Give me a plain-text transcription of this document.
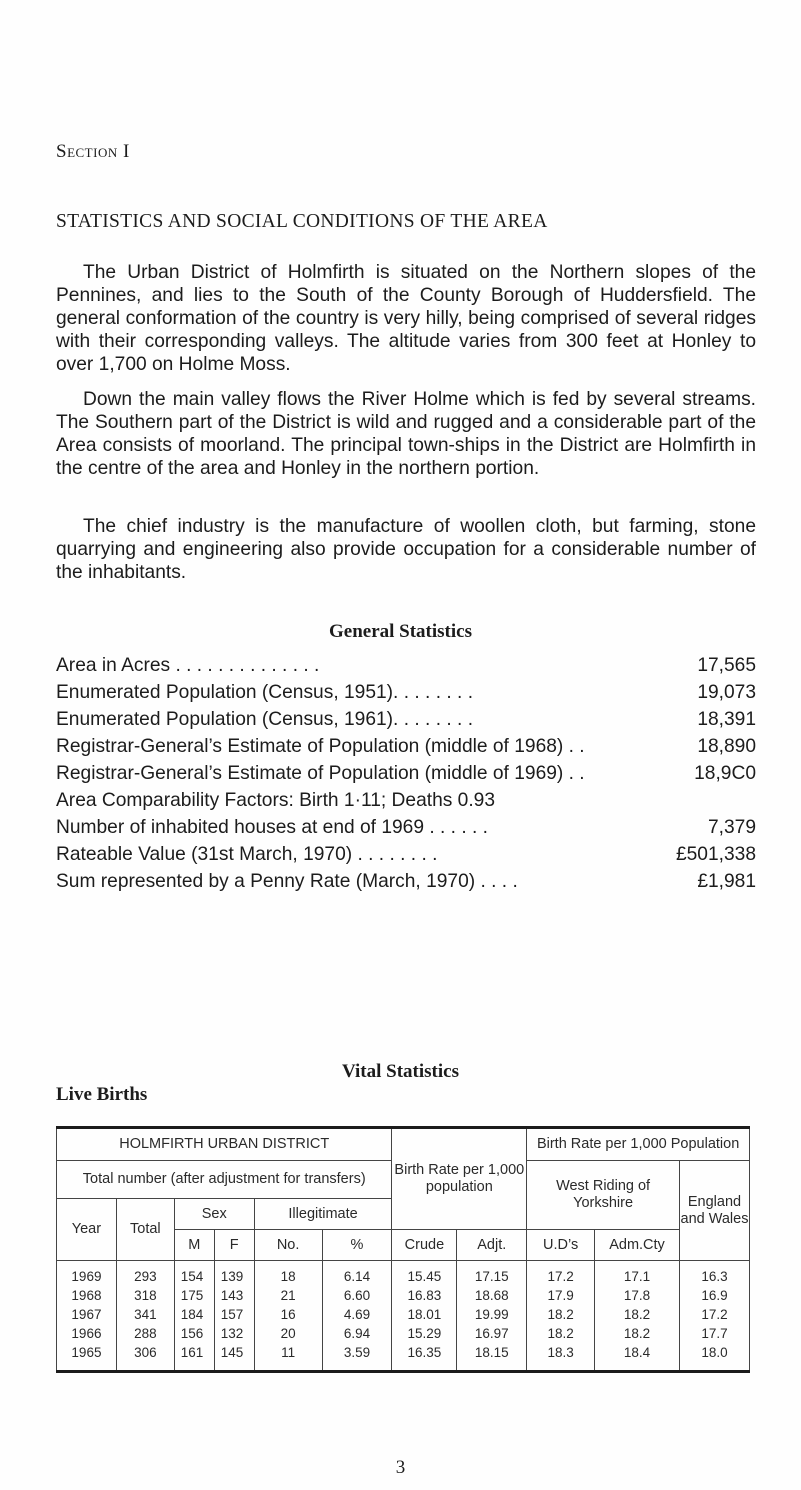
Section I
STATISTICS AND SOCIAL CONDITIONS OF THE AREA

The Urban District of Holmfirth is situated on the Northern slopes of the Pennines, and lies to the South of the County Borough of Huddersfield. The general conformation of the country is very hilly, being comprised of several ridges with their corresponding valleys. The altitude varies from 300 feet at Honley to over 1,700 on Holme Moss.

Down the main valley flows the River Holme which is fed by several streams. The Southern part of the District is wild and rugged and a considerable part of the Area consists of moorland. The principal town-ships in the District are Holmfirth in the centre of the area and Honley in the northern portion.

The chief industry is the manufacture of woollen cloth, but farming, stone quarrying and engineering also provide occupation for a considerable number of the inhabitants.

General Statistics
Area in Acres . . . . . . . . . . . . . .	17,565
Enumerated Population (Census, 1951). . . . . . . .	19,073
Enumerated Population (Census, 1961). . . . . . . .	18,391
Registrar-General’s Estimate of Population (middle of 1968) . .	18,890
Registrar-General’s Estimate of Population (middle of 1969) . .	18,9C0
Area Comparability Factors: Birth 1·11; Deaths 0.93
Number of inhabited houses at end of 1969 . . . . . .	7,379
Rateable Value (31st March, 1970) . . . . . . . .	£501,338
Sum represented by a Penny Rate (March, 1970) . . . .	£1,981
Vital Statistics
Live Births
HOLMFIRTH URBAN DISTRICT						Birth Rate per 1,000 population		Birth Rate per 1,000 Population		
Total number (after adjustment for transfers)								West Riding of Yorkshire		England and Wales
Year	Total	Sex		Illegitimate						
		M	F	No.	%	Crude	Adjt.	U.D’s	Adm.Cty	
1969	293	154	139	18	6.14	15.45	17.15	17.2	17.1	16.3
1968	318	175	143	21	6.60	16.83	18.68	17.9	17.8	16.9
1967	341	184	157	16	4.69	18.01	19.99	18.2	18.2	17.2
1966	288	156	132	20	6.94	15.29	16.97	18.2	18.2	17.7
1965	306	161	145	11	3.59	16.35	18.15	18.3	18.4	18.0
3
